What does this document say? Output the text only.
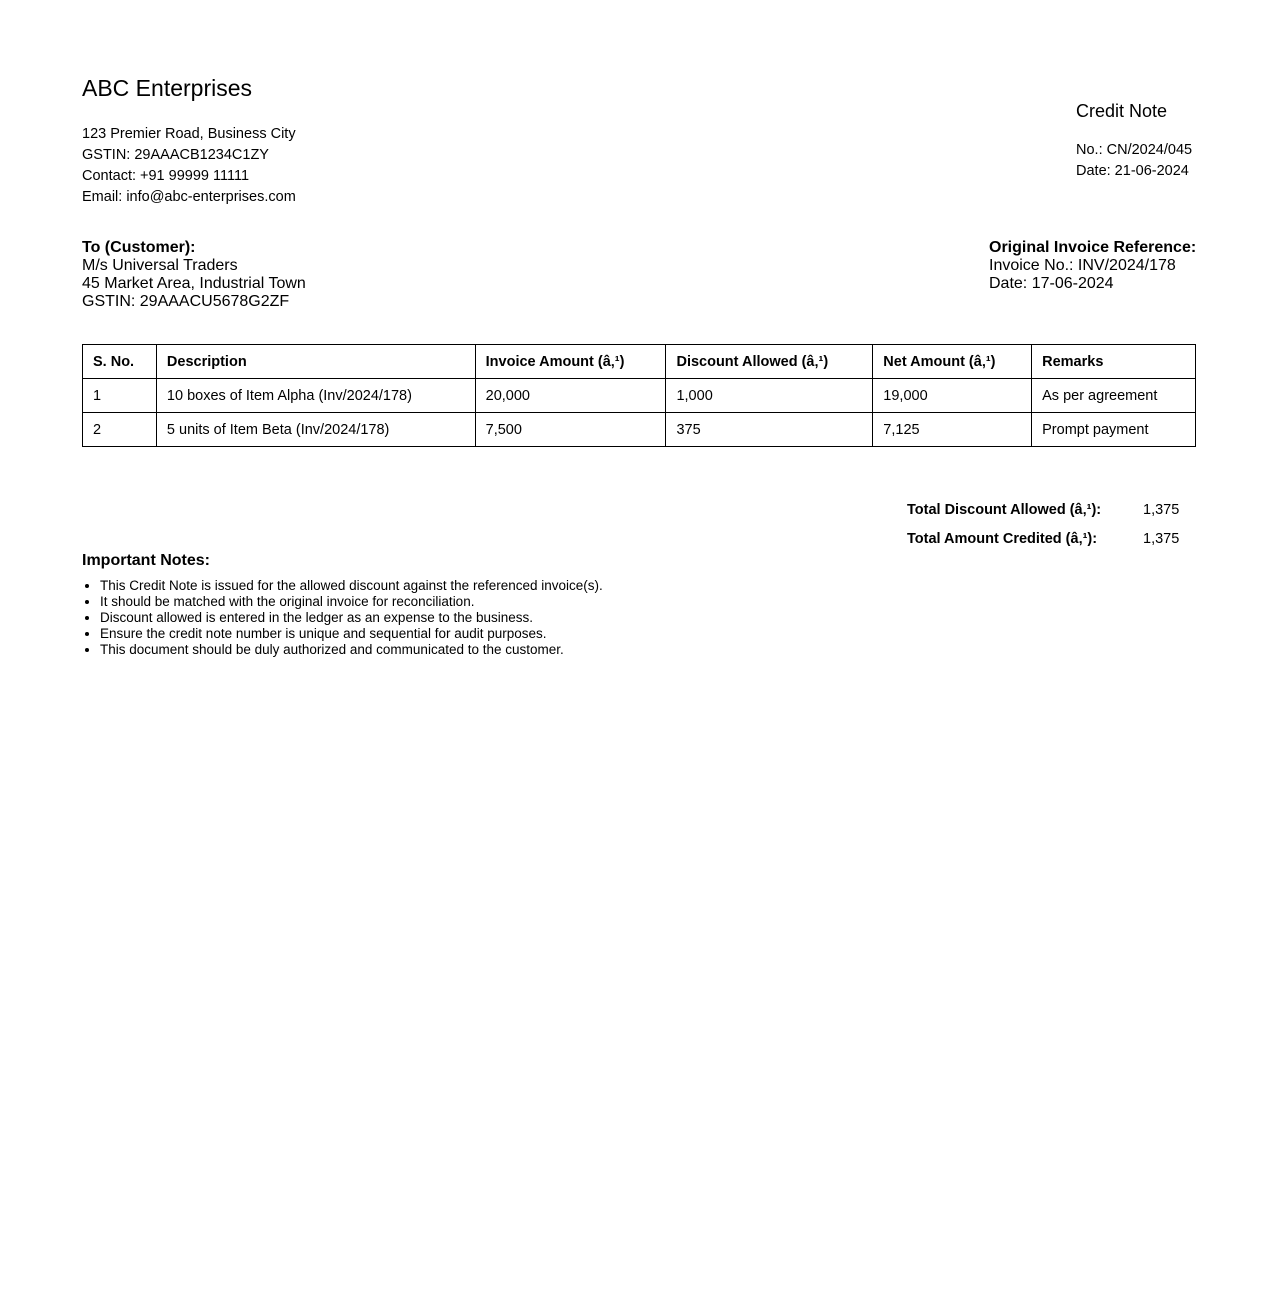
ABC Enterprises
123 Premier Road, Business City
GSTIN: 29AAACB1234C1ZY
Contact: +91 99999 11111
Email: info@abc-enterprises.com
Credit Note
No.: CN/2024/045
Date: 21-06-2024
To (Customer):
M/s Universal Traders
45 Market Area, Industrial Town
GSTIN: 29AAACU5678G2ZF
Original Invoice Reference:
Invoice No.: INV/2024/178
Date: 17-06-2024
S. No.	Description	Invoice Amount (â‚¹)	Discount Allowed (â‚¹)	Net Amount (â‚¹)	Remarks
1	10 boxes of Item Alpha (Inv/2024/178)	20,000	1,000	19,000	As per agreement
2	5 units of Item Beta (Inv/2024/178)	7,500	375	7,125	Prompt payment
Total Discount Allowed (â‚¹):	1,375
Total Amount Credited (â‚¹):	1,375
Important Notes:
• This Credit Note is issued for the allowed discount against the referenced invoice(s).
• It should be matched with the original invoice for reconciliation.
• Discount allowed is entered in the ledger as an expense to the business.
• Ensure the credit note number is unique and sequential for audit purposes.
• This document should be duly authorized and communicated to the customer.
